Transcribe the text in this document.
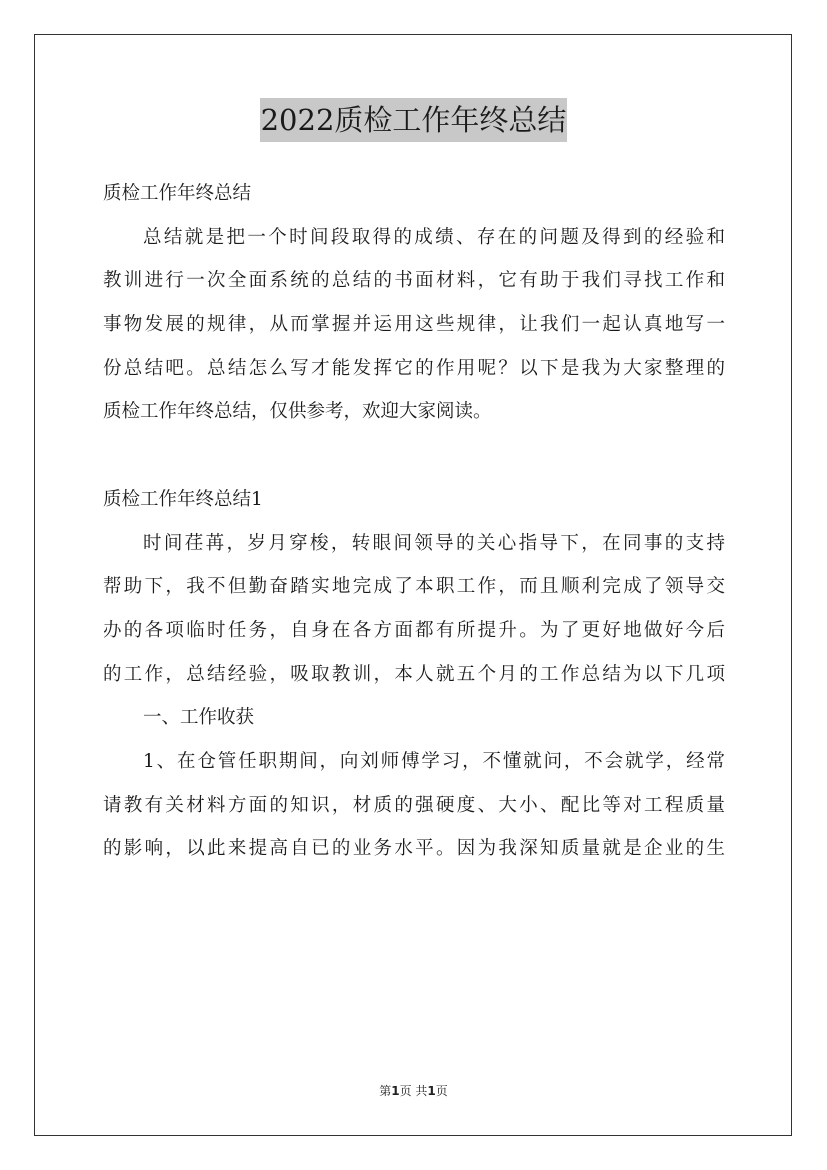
2022质检工作年终总结
质检工作年终总结
总结就是把一个时间段取得的成绩、存在的问题及得到的经验和
教训进行一次全面系统的总结的书面材料，它有助于我们寻找工作和
事物发展的规律，从而掌握并运用这些规律，让我们一起认真地写一
份总结吧。总结怎么写才能发挥它的作用呢？以下是我为大家整理的
质检工作年终总结，仅供参考，欢迎大家阅读。
质检工作年终总结1
时间荏苒，岁月穿梭，转眼间领导的关心指导下，在同事的支持
帮助下，我不但勤奋踏实地完成了本职工作，而且顺利完成了领导交
办的各项临时任务，自身在各方面都有所提升。为了更好地做好今后
的工作，总结经验，吸取教训，本人就五个月的工作总结为以下几项
一、工作收获
1、在仓管任职期间，向刘师傅学习，不懂就问，不会就学，经常
请教有关材料方面的知识，材质的强硬度、大小、配比等对工程质量
的影响，以此来提高自已的业务水平。因为我深知质量就是企业的生
第1页 共1页
